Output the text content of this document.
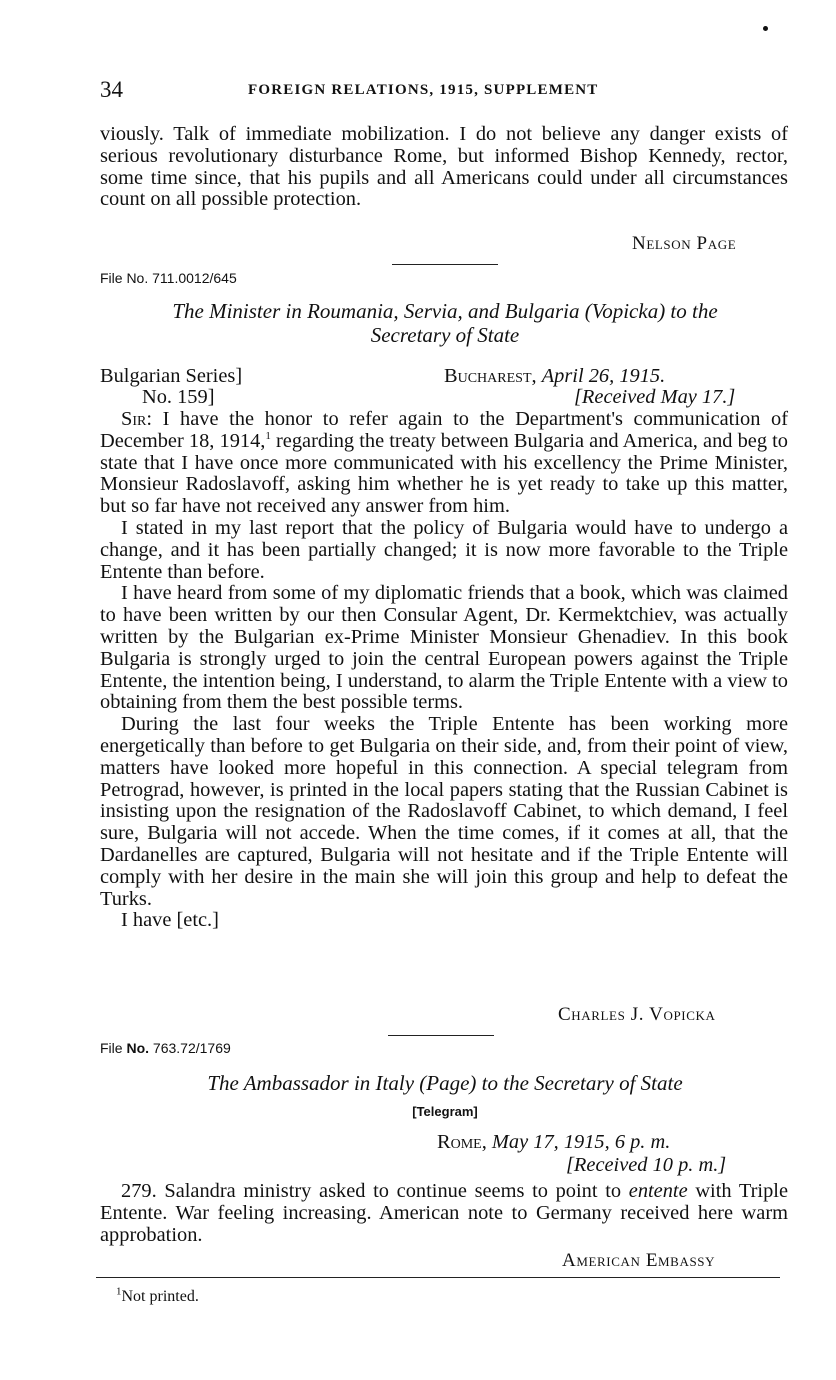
34	FOREIGN RELATIONS, 1915, SUPPLEMENT

viously. Talk of immediate mobilization. I do not believe any danger exists of serious revolutionary disturbance Rome, but informed Bishop Kennedy, rector, some time since, that his pupils and all Americans could under all circumstances count on all possible protection.

Nelson Page
File No. 711.0012/645
The Minister in Roumania, Servia, and Bulgaria (Vopicka) to the
Secretary of State
Bulgarian Series]
No. 159]
Bucharest, April 26, 1915.
[Received May 17.]

Sir: I have the honor to refer again to the Department's communication of December 18, 1914,$^1$ regarding the treaty between Bulgaria and America, and beg to state that I have once more communicated with his excellency the Prime Minister, Monsieur Radoslavoff, asking him whether he is yet ready to take up this matter, but so far have not received any answer from him.

I stated in my last report that the policy of Bulgaria would have to undergo a change, and it has been partially changed; it is now more favorable to the Triple Entente than before.

I have heard from some of my diplomatic friends that a book, which was claimed to have been written by our then Consular Agent, Dr. Kermektchiev, was actually written by the Bulgarian ex-Prime Minister Monsieur Ghenadiev. In this book Bulgaria is strongly urged to join the central European powers against the Triple Entente, the intention being, I understand, to alarm the Triple Entente with a view to obtaining from them the best possible terms.

During the last four weeks the Triple Entente has been working more energetically than before to get Bulgaria on their side, and, from their point of view, matters have looked more hopeful in this connection. A special telegram from Petrograd, however, is printed in the local papers stating that the Russian Cabinet is insisting upon the resignation of the Radoslavoff Cabinet, to which demand, I feel sure, Bulgaria will not accede. When the time comes, if it comes at all, that the Dardanelles are captured, Bulgaria will not hesitate and if the Triple Entente will comply with her desire in the main she will join this group and help to defeat the Turks.

I have [etc.]

Charles J. Vopicka
File No. 763.72/1769
The Ambassador in Italy (Page) to the Secretary of State
[Telegram]
Rome, May 17, 1915, 6 p. m.
[Received 10 p. m.]

279. Salandra ministry asked to continue seems to point to entente with Triple Entente. War feeling increasing. American note to Germany received here warm approbation.

American Embassy
$^1$Not printed.
